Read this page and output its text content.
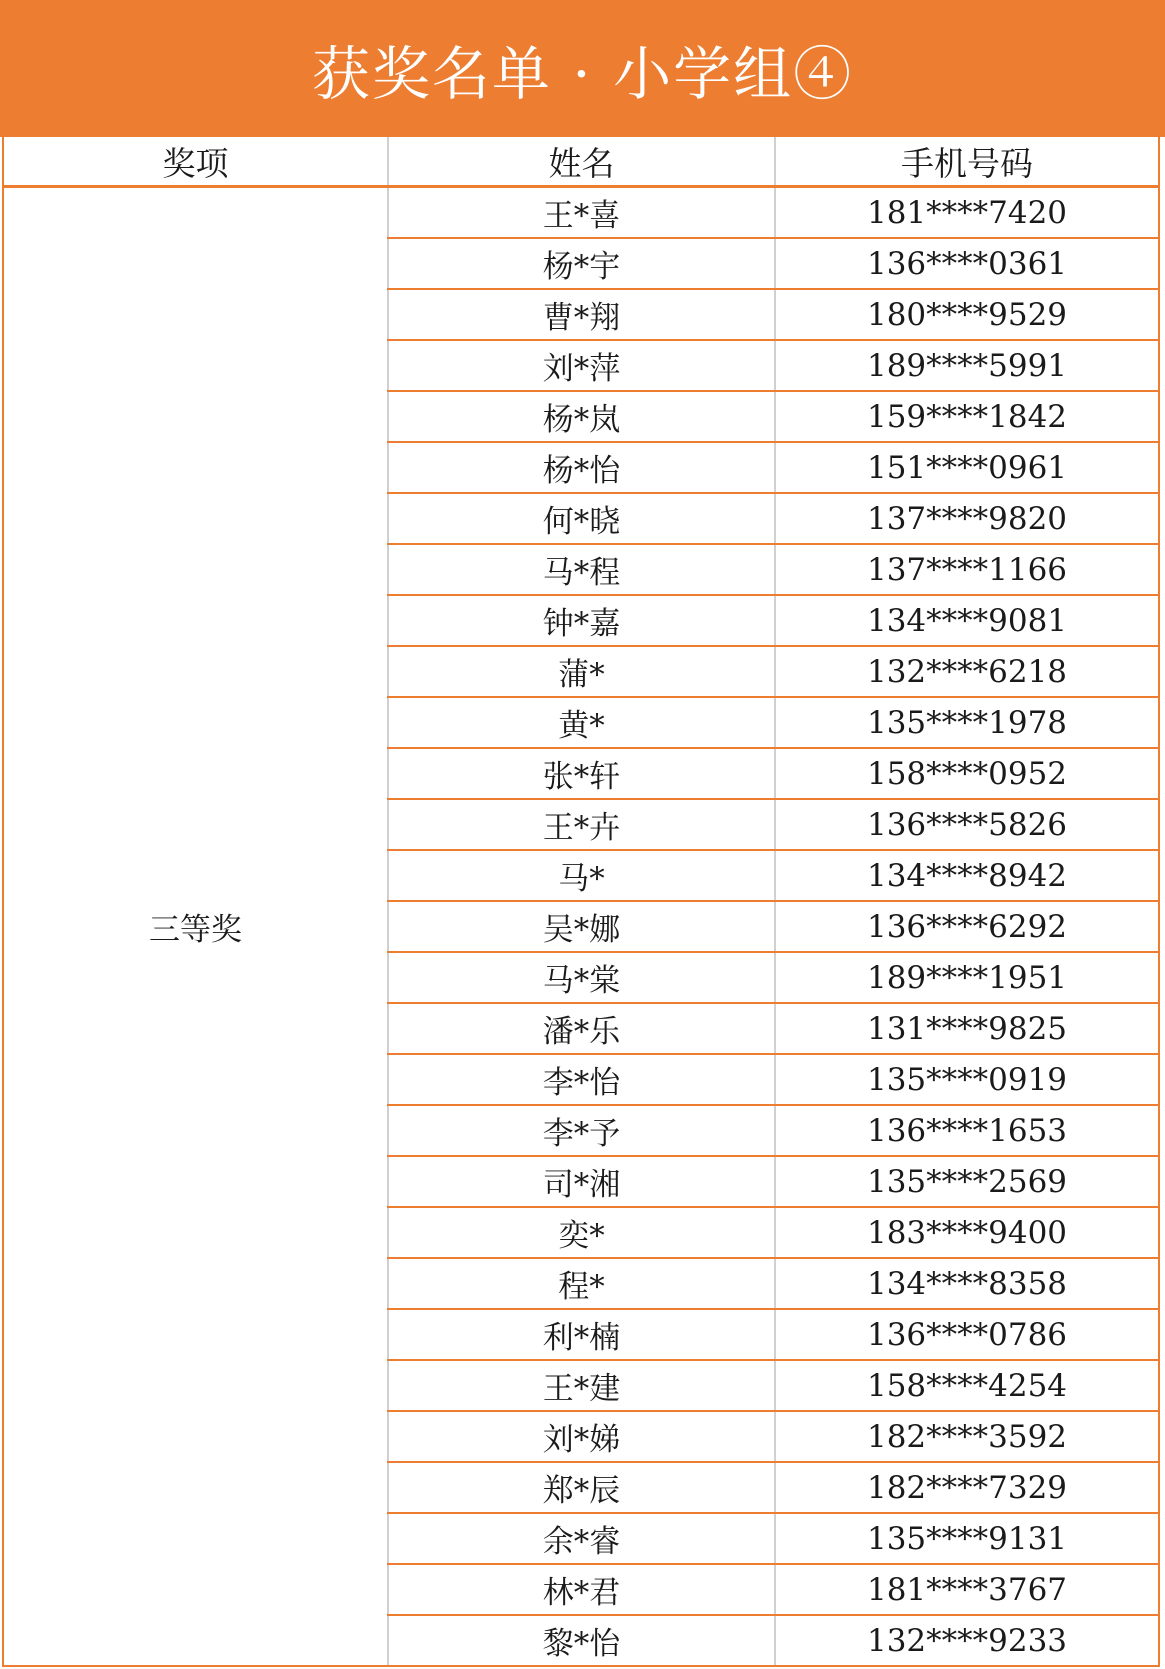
获奖名单 · 小学组④
奖项	姓名	手机号码
三等奖	王*喜	181****7420
	杨*宇	136****0361
	曹*翔	180****9529
	刘*萍	189****5991
	杨*岚	159****1842
	杨*怡	151****0961
	何*晓	137****9820
	马*程	137****1166
	钟*嘉	134****9081
	蒲*	132****6218
	黄*	135****1978
	张*轩	158****0952
	王*卉	136****5826
	马*	134****8942
	吴*娜	136****6292
	马*棠	189****1951
	潘*乐	131****9825
	李*怡	135****0919
	李*予	136****1653
	司*湘	135****2569
	奕*	183****9400
	程*	134****8358
	利*楠	136****0786
	王*建	158****4254
	刘*娣	182****3592
	郑*辰	182****7329
	余*睿	135****9131
	林*君	181****3767
	黎*怡	132****9233
